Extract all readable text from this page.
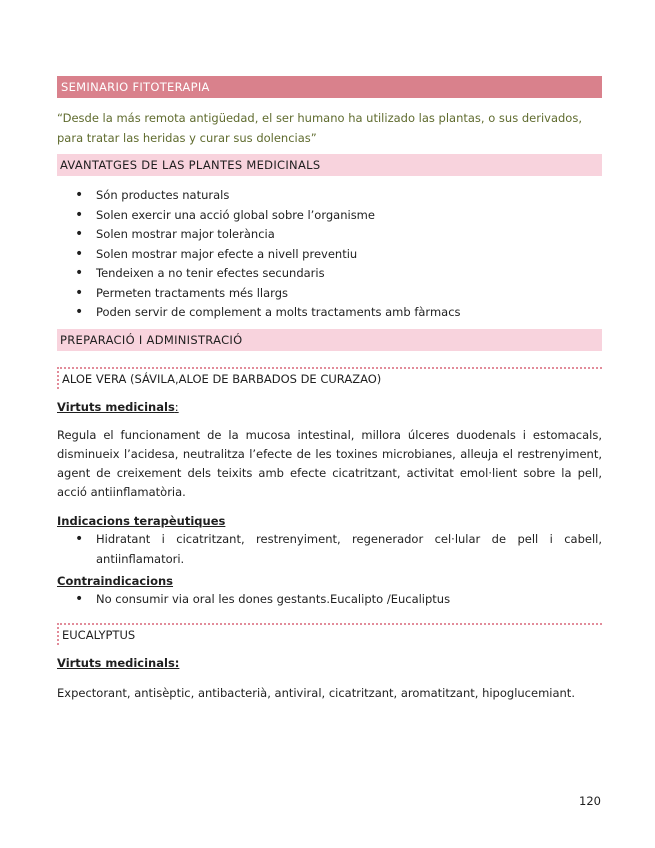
SEMINARIO FITOTERAPIA
“Desde la más remota antigüedad, el ser humano ha utilizado las plantas, o sus derivados, para tratar las heridas y curar sus dolencias”
AVANTATGES DE LAS PLANTES MEDICINALS
• Són productes naturals
• Solen exercir una acció global sobre l’organisme
• Solen mostrar major tolerància
• Solen mostrar major efecte a nivell preventiu
• Tendeixen a no tenir efectes secundaris
• Permeten tractaments més llargs
• Poden servir de complement a molts tractaments amb fàrmacs
PREPARACIÓ I ADMINISTRACIÓ
ALOE VERA (SÁVILA,ALOE DE BARBADOS DE CURAZAO)
Virtuts medicinals:

Regula el funcionament de la mucosa intestinal, millora úlceres duodenals i estomacals, disminueix l’acidesa, neutralitza l’efecte de les toxines microbianes, alleuja el restrenyiment, agent de creixement dels teixits amb efecte cicatritzant, activitat emol·lient sobre la pell, acció antiinflamatòria.

Indicacions terapèutiques
• Hidratant i cicatritzant, restrenyiment, regenerador cel·lular de pell i cabell, antiinflamatori.
Contraindicacions
• No consumir via oral les dones gestants.Eucalipto /Eucaliptus
EUCALYPTUS
Virtuts medicinals:

Expectorant, antisèptic, antibacterià, antiviral, cicatritzant, aromatitzant, hipoglucemiant.

120
